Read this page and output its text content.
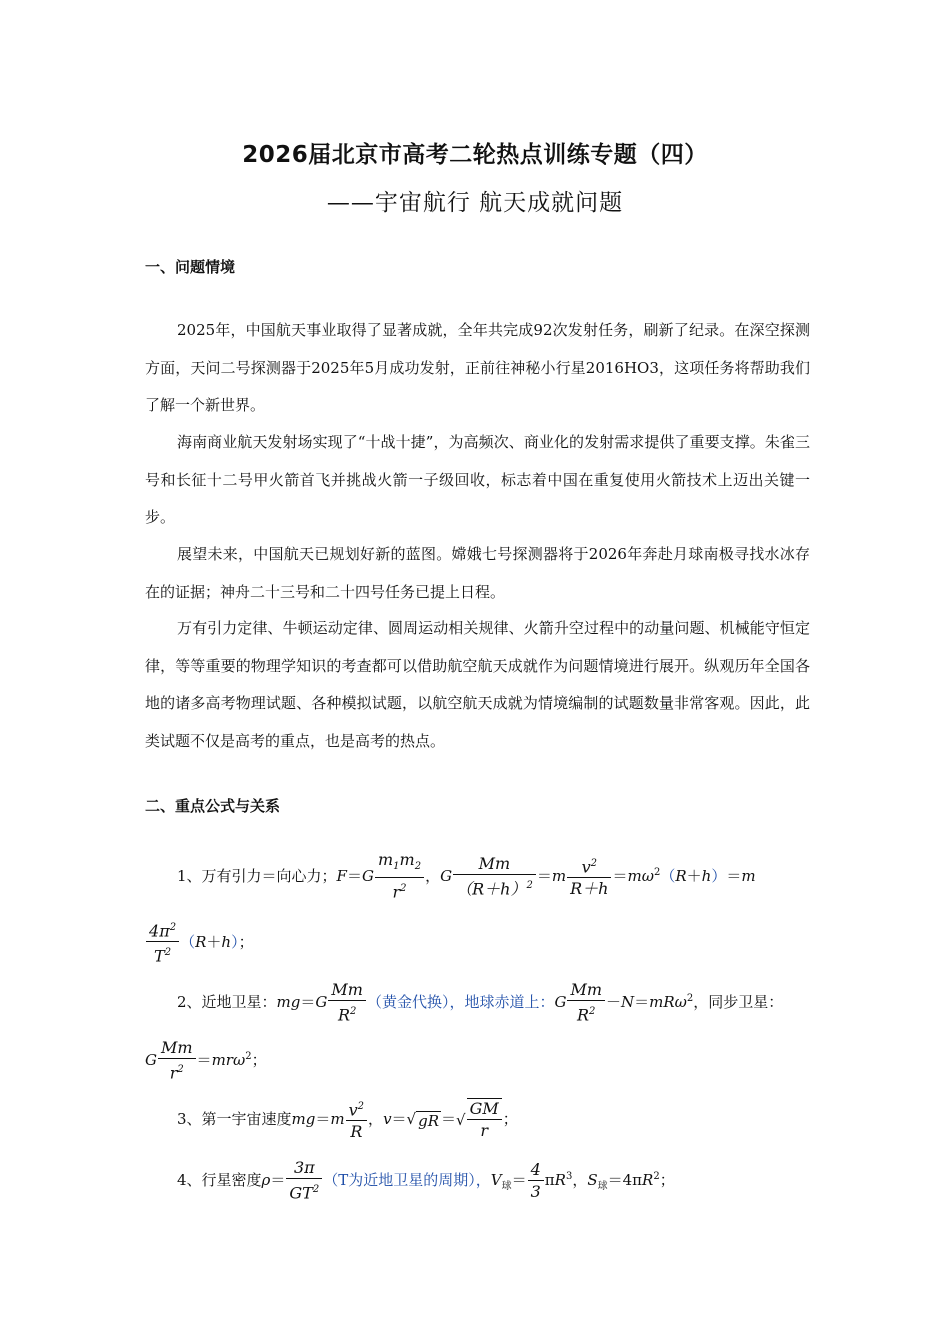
2026届北京市高考二轮热点训练专题（四）
——宇宙航行 航天成就问题
一、问题情境
2025年，中国航天事业取得了显著成就，全年共完成92次发射任务，刷新了纪录。在深空探测方面，天问二号探测器于2025年5月成功发射，正前往神秘小行星2016HO3，这项任务将帮助我们了解一个新世界。
海南商业航天发射场实现了“十战十捷”，为高频次、商业化的发射需求提供了重要支撑。朱雀三号和长征十二号甲火箭首飞并挑战火箭一子级回收，标志着中国在重复使用火箭技术上迈出关键一步。
展望未来，中国航天已规划好新的蓝图。嫦娥七号探测器将于2026年奔赴月球南极寻找水冰存在的证据；神舟二十三号和二十四号任务已提上日程。
万有引力定律、牛顿运动定律、圆周运动相关规律、火箭升空过程中的动量问题、机械能守恒定律，等等重要的物理学知识的考查都可以借助航空航天成就作为问题情境进行展开。纵观历年全国各地的诸多高考物理试题、各种模拟试题，以航空航天成就为情境编制的试题数量非常客观。因此，此类试题不仅是高考的重点，也是高考的热点。
二、重点公式与关系
1、万有引力＝向心力；$F=G \frac{m_1m_2}{r^2}$ ，G $\frac{Mm}{(R+h)^2} =m \frac{v^2}{R+h} =m\omega^2(R+h)=m$
$\frac{4\pi^2}{T^2} (R+h)$；
2、近地卫星：$mg=G \frac{Mm}{R^2}$ （黄金代换），地球赤道上：G $\frac{Mm}{R^2} -N=mR\omega^2$，同步卫星：
G $\frac{Mm}{r^2} =mr\omega^2$；
3、第一宇宙速度$mg=m \frac{v^2}{R}$ ，v＝√ gR ＝√ $\frac{GM}{r}$ ；
4、行星密度$\rho= \frac{3\pi}{GT^2} (T$为近地卫星的周期），$V_球= \frac{4}{3} \pi R^3$，$S_球=4\pi R^2$；
